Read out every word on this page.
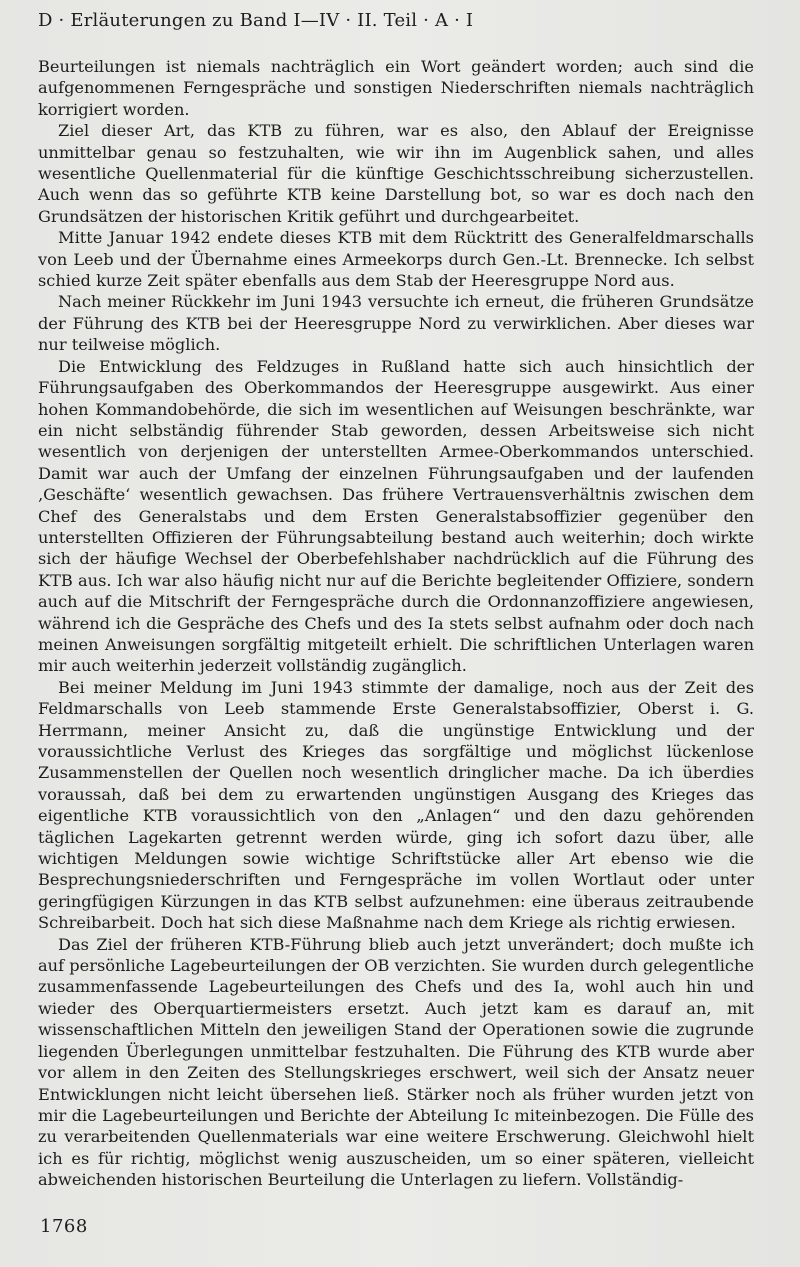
D · Erläuterungen zu Band I—IV · II. Teil · A · I

Beurteilungen ist niemals nachträglich ein Wort geändert worden; auch sind die aufgenommenen Ferngespräche und sonstigen Niederschriften niemals nachträglich korrigiert worden.

Ziel dieser Art, das KTB zu führen, war es also, den Ablauf der Ereignisse unmittelbar genau so festzuhalten, wie wir ihn im Augenblick sahen, und alles wesentliche Quellenmaterial für die künftige Geschichtsschreibung sicherzustellen. Auch wenn das so geführte KTB keine Darstellung bot, so war es doch nach den Grundsätzen der historischen Kritik geführt und durchgearbeitet.

Mitte Januar 1942 endete dieses KTB mit dem Rücktritt des Generalfeldmarschalls von Leeb und der Übernahme eines Armeekorps durch Gen.-Lt. Brennecke. Ich selbst schied kurze Zeit später ebenfalls aus dem Stab der Heeresgruppe Nord aus.

Nach meiner Rückkehr im Juni 1943 versuchte ich erneut, die früheren Grundsätze der Führung des KTB bei der Heeresgruppe Nord zu verwirklichen. Aber dieses war nur teilweise möglich.

Die Entwicklung des Feldzuges in Rußland hatte sich auch hinsichtlich der Führungsaufgaben des Oberkommandos der Heeresgruppe ausgewirkt. Aus einer hohen Kommandobehörde, die sich im wesentlichen auf Weisungen beschränkte, war ein nicht selbständig führender Stab geworden, dessen Arbeitsweise sich nicht wesentlich von derjenigen der unterstellten Armee-Oberkommandos unterschied. Damit war auch der Umfang der einzelnen Führungsaufgaben und der laufenden ‚Geschäfte‘ wesentlich gewachsen. Das frühere Vertrauensverhältnis zwischen dem Chef des Generalstabs und dem Ersten Generalstabsoffizier gegenüber den unterstellten Offizieren der Führungsabteilung bestand auch weiterhin; doch wirkte sich der häufige Wechsel der Oberbefehlshaber nachdrücklich auf die Führung des KTB aus. Ich war also häufig nicht nur auf die Berichte begleitender Offiziere, sondern auch auf die Mitschrift der Ferngespräche durch die Ordonnanzoffiziere angewiesen, während ich die Gespräche des Chefs und des Ia stets selbst aufnahm oder doch nach meinen Anweisungen sorgfältig mitgeteilt erhielt. Die schriftlichen Unterlagen waren mir auch weiterhin jederzeit vollständig zugänglich.

Bei meiner Meldung im Juni 1943 stimmte der damalige, noch aus der Zeit des Feldmarschalls von Leeb stammende Erste Generalstabsoffizier, Oberst i. G. Herrmann, meiner Ansicht zu, daß die ungünstige Entwicklung und der voraussichtliche Verlust des Krieges das sorgfältige und möglichst lückenlose Zusammenstellen der Quellen noch wesentlich dringlicher mache. Da ich überdies voraussah, daß bei dem zu erwartenden ungünstigen Ausgang des Krieges das eigentliche KTB voraussichtlich von den „Anlagen“ und den dazu gehörenden täglichen Lagekarten getrennt werden würde, ging ich sofort dazu über, alle wichtigen Meldungen sowie wichtige Schriftstücke aller Art ebenso wie die Besprechungsniederschriften und Ferngespräche im vollen Wortlaut oder unter geringfügigen Kürzungen in das KTB selbst aufzunehmen: eine überaus zeitraubende Schreibarbeit. Doch hat sich diese Maßnahme nach dem Kriege als richtig erwiesen.

Das Ziel der früheren KTB-Führung blieb auch jetzt unverändert; doch mußte ich auf persönliche Lagebeurteilungen der OB verzichten. Sie wurden durch gelegentliche zusammenfassende Lagebeurteilungen des Chefs und des Ia, wohl auch hin und wieder des Oberquartiermeisters ersetzt. Auch jetzt kam es darauf an, mit wissenschaftlichen Mitteln den jeweiligen Stand der Operationen sowie die zugrunde liegenden Überlegungen unmittelbar festzuhalten. Die Führung des KTB wurde aber vor allem in den Zeiten des Stellungskrieges erschwert, weil sich der Ansatz neuer Entwicklungen nicht leicht übersehen ließ. Stärker noch als früher wurden jetzt von mir die Lagebeurteilungen und Berichte der Abteilung Ic miteinbezogen. Die Fülle des zu verarbeitenden Quellenmaterials war eine weitere Erschwerung. Gleichwohl hielt ich es für richtig, möglichst wenig auszuscheiden, um so einer späteren, vielleicht abweichenden historischen Beurteilung die Unterlagen zu liefern. Vollständig-

1768
